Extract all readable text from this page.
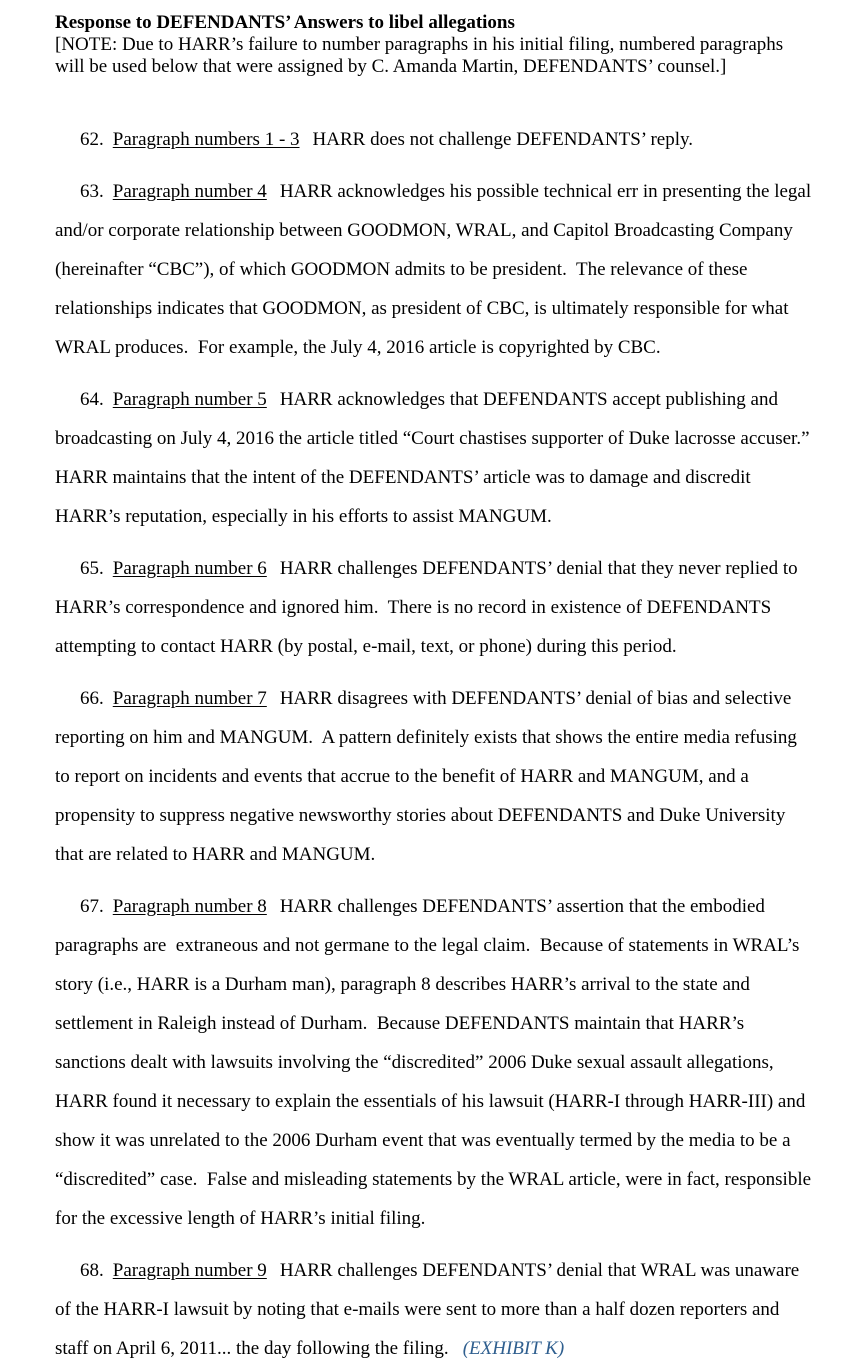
Response to DEFENDANTS’ Answers to libel allegations

[NOTE: Due to HARR’s failure to number paragraphs in his initial filing, numbered paragraphs will be used below that were assigned by C. Amanda Martin, DEFENDANTS’ counsel.]

62. Paragraph numbers 1 - 3 HARR does not challenge DEFENDANTS’ reply.

63. Paragraph number 4 HARR acknowledges his possible technical err in presenting the legal and/or corporate relationship between GOODMON, WRAL, and Capitol Broadcasting Company (hereinafter “CBC”), of which GOODMON admits to be president.  The relevance of these relationships indicates that GOODMON, as president of CBC, is ultimately responsible for what WRAL produces.  For example, the July 4, 2016 article is copyrighted by CBC.

64. Paragraph number 5 HARR acknowledges that DEFENDANTS accept publishing and broadcasting on July 4, 2016 the article titled “Court chastises supporter of Duke lacrosse accuser.”  HARR maintains that the intent of the DEFENDANTS’ article was to damage and discredit HARR’s reputation, especially in his efforts to assist MANGUM.

65. Paragraph number 6 HARR challenges DEFENDANTS’ denial that they never replied to HARR’s correspondence and ignored him.  There is no record in existence of DEFENDANTS attempting to contact HARR (by postal, e-mail, text, or phone) during this period.

66. Paragraph number 7 HARR disagrees with DEFENDANTS’ denial of bias and selective reporting on him and MANGUM.  A pattern definitely exists that shows the entire media refusing to report on incidents and events that accrue to the benefit of HARR and MANGUM, and a propensity to suppress negative newsworthy stories about DEFENDANTS and Duke University that are related to HARR and MANGUM.

67. Paragraph number 8 HARR challenges DEFENDANTS’ assertion that the embodied paragraphs are  extraneous and not germane to the legal claim.  Because of statements in WRAL’s story (i.e., HARR is a Durham man), paragraph 8 describes HARR’s arrival to the state and settlement in Raleigh instead of Durham.  Because DEFENDANTS maintain that HARR’s sanctions dealt with lawsuits involving the “discredited” 2006 Duke sexual assault allegations, HARR found it necessary to explain the essentials of his lawsuit (HARR-I through HARR-III) and show it was unrelated to the 2006 Durham event that was eventually termed by the media to be a “discredited” case.  False and misleading statements by the WRAL article, were in fact, responsible for the excessive length of HARR’s initial filing.

68. Paragraph number 9 HARR challenges DEFENDANTS’ denial that WRAL was unaware of the HARR-I lawsuit by noting that e-mails were sent to more than a half dozen reporters and staff on April 6, 2011... the day following the filing. (EXHIBIT K)
